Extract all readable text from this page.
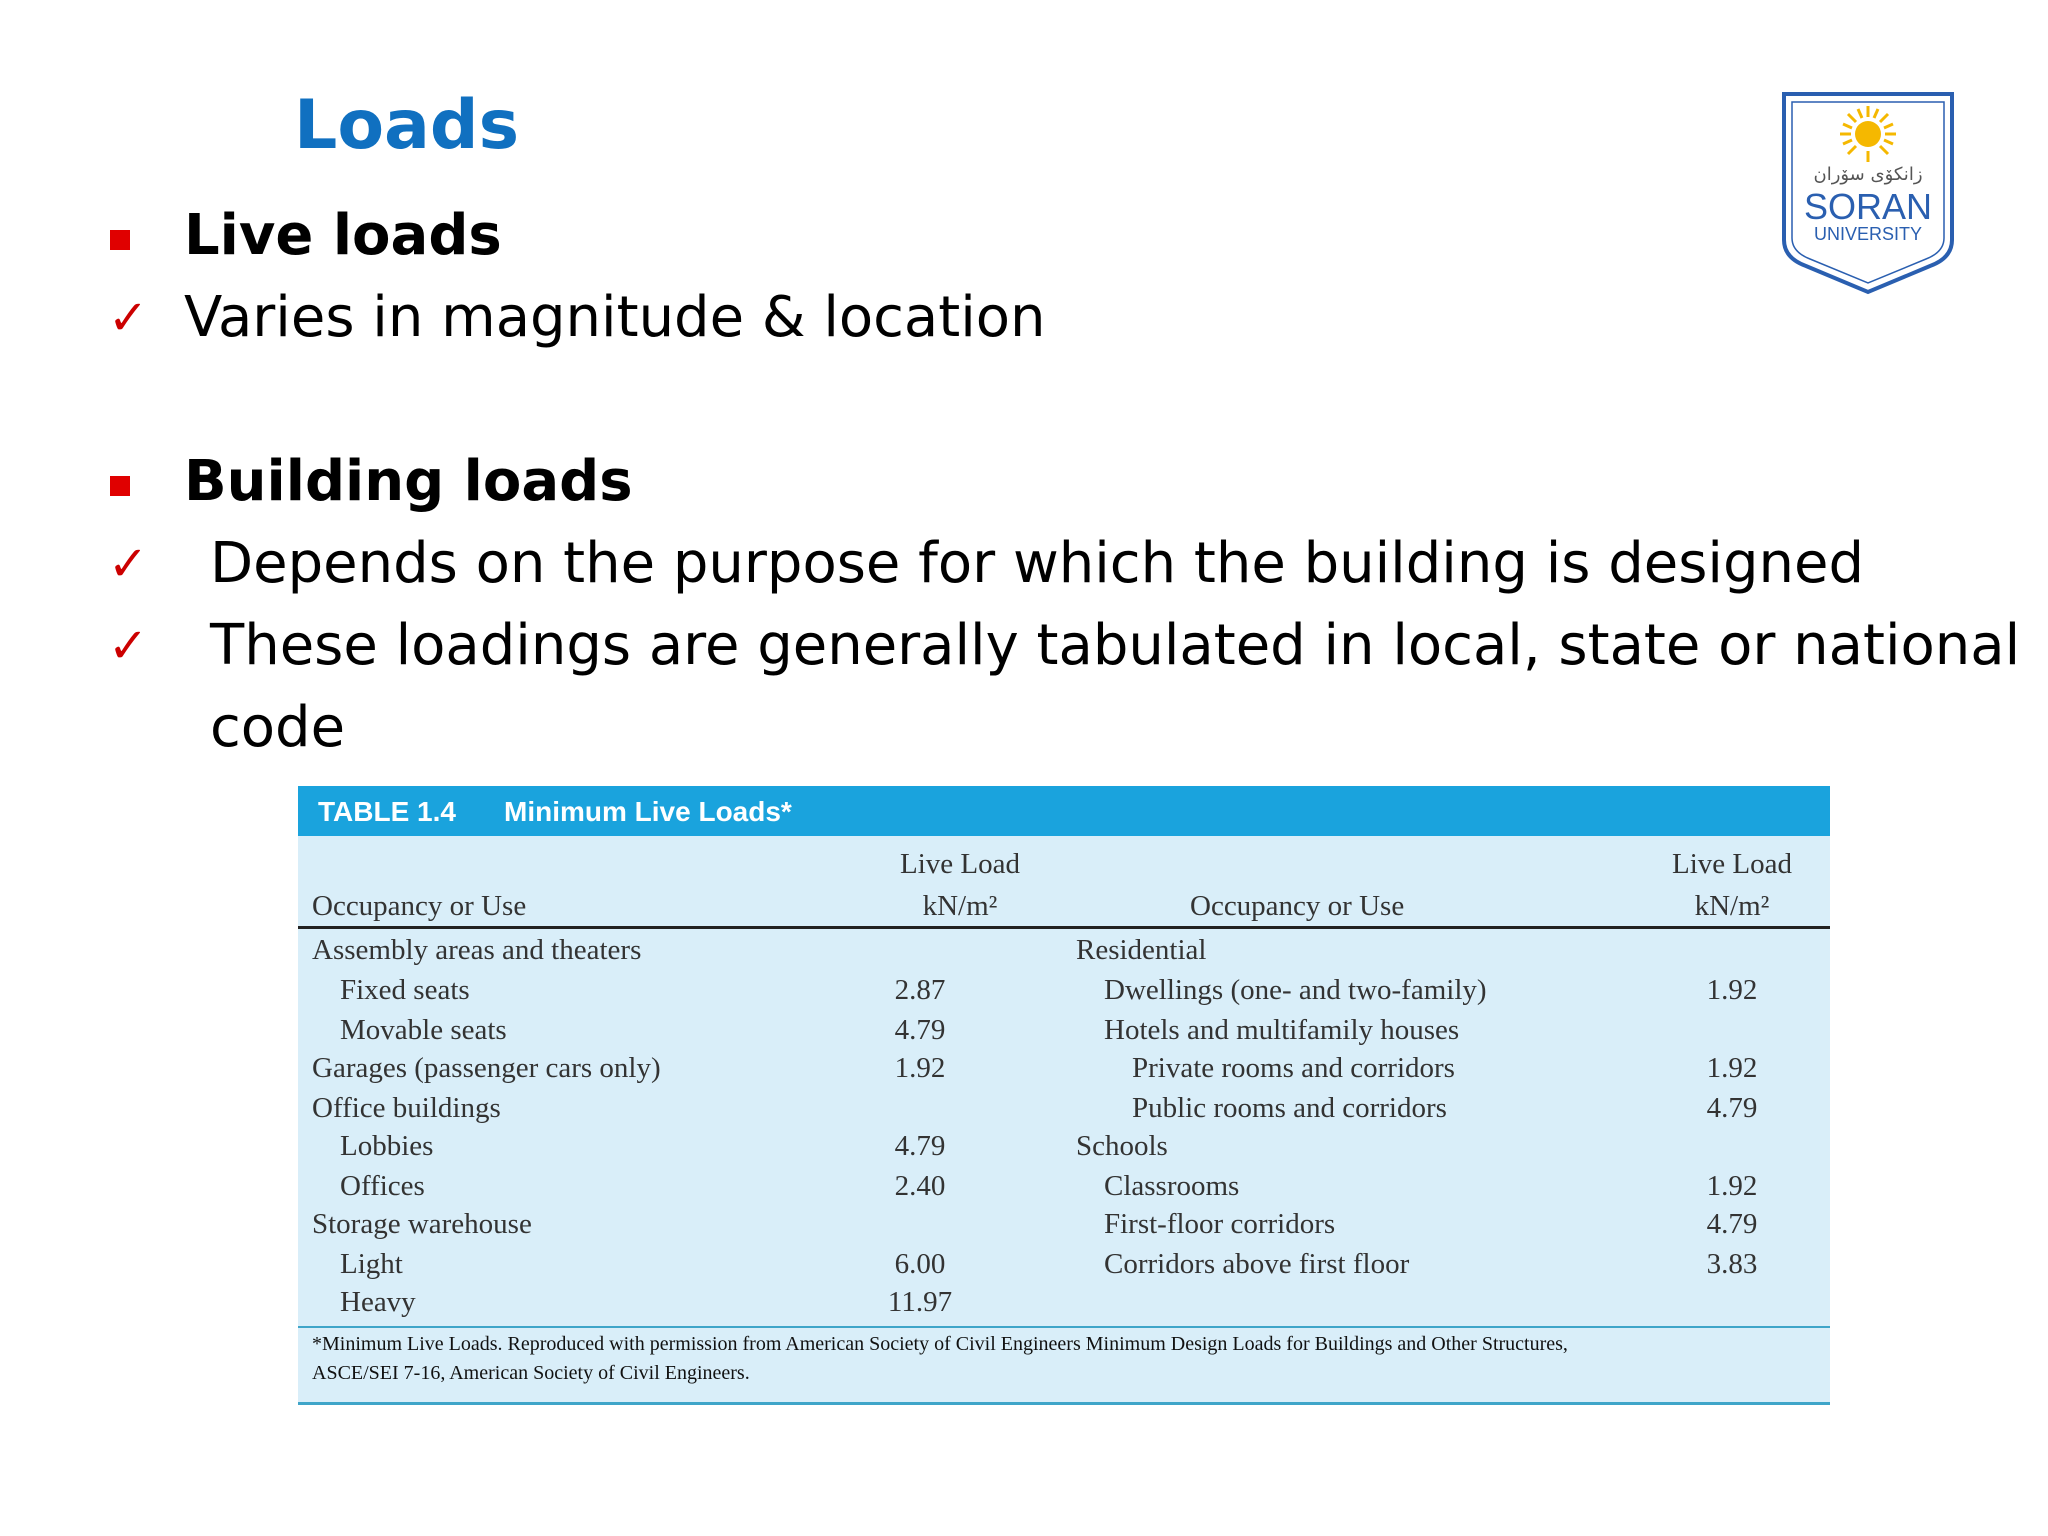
Loads
زانكۆی سۆران
SORAN
UNIVERSITY
Live loads
✓ Varies in magnitude & location
Building loads
✓ Depends on the purpose for which the building is designed
✓ These loadings are generally tabulated in local, state or national
code
TABLE 1.4 Minimum Live Loads*
Live Load
Occupancy or Use	kN/m²
Live Load
Occupancy or Use	kN/m²
Assembly areas and theaters
Fixed seats	2.87
Movable seats	4.79
Garages (passenger cars only)	1.92
Office buildings
Lobbies	4.79
Offices	2.40
Storage warehouse
Light	6.00
Heavy	11.97
Residential
Dwellings (one- and two-family)	1.92
Hotels and multifamily houses
Private rooms and corridors	1.92
Public rooms and corridors	4.79
Schools
Classrooms	1.92
First-floor corridors	4.79
Corridors above first floor	3.83
*Minimum Live Loads. Reproduced with permission from American Society of Civil Engineers Minimum Design Loads for Buildings and Other Structures,
ASCE/SEI 7-16, American Society of Civil Engineers.
